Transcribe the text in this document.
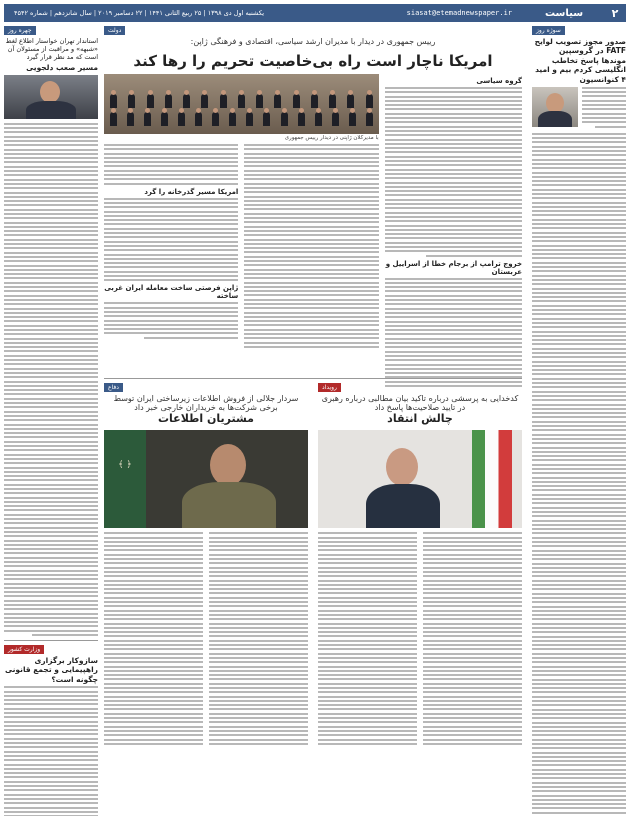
۲
سیاست
siasat@etemadnewspaper.ir
یکشنبه اول دی ۱۳۹۸ | ۲۵ ربیع الثانی ۱۴۴۱ | ۲۲ دسامبر ۲۰۱۹ | سال شانزدهم | شماره ۴۵۴۲
سوژه روز
صدور مجوز تصویب لوایح FATF در گروسپین موندها پاسخ تخاطب انگلیسی کردم بیم و امید ۴ کنوانسیون
چهره روز
استاندار تهران خواستار اطلاع لغط «شبهه» و مراقبت از مسئولان آن است که مد نظر قرار گیرد
مسیر صعب دلجویی
وزارت کشور
سازوکار برگزاری راهپیمایی و تجمع قانونی چگونه است؟
دولت
رییس جمهوری در دیدار با مدیران ارشد سیاسی، اقتصادی و فرهنگی ژاپن:
امریکا ناچار است راه بی‌خاصیت تحریم را رها کند
گروه سیاسی
خروج ترامپ از برجام خطا از اسراییل و عربستان
با مدیرکلان ژاپنی در دیدار رییس جمهوری
امریکا مسیر گذرخانه را گرد
ژاپن فرصتی ساخت معامله ایران غربی ساخته
رویداد
کدخدایی به پرسشی درباره تاکید بیان مطالبی درباره رهبری در تایید صلاحیت‌ها پاسخ داد
چالش انتقاد
دفاع
سردار جلالی از فروش اطلاعات زیرساختی ایران توسط برخی شرکت‌ها به خریداران خارجی خبر داد
مشتریان اطلاعات
﴿ ﴾
